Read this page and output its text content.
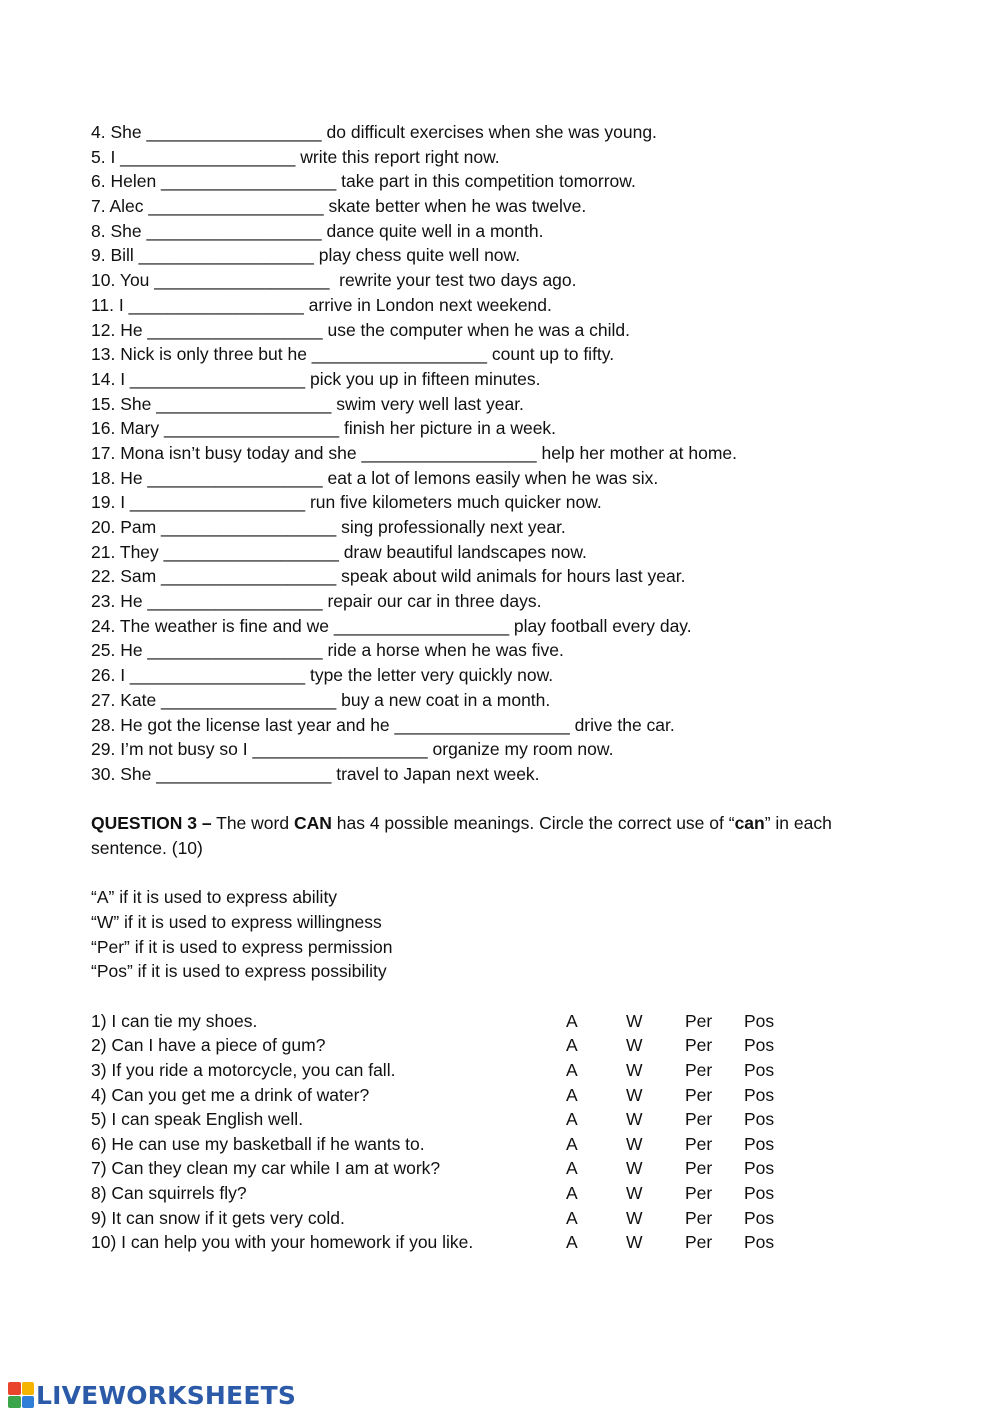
4. She __________________ do difficult exercises when she was young.
5. I __________________ write this report right now.
6. Helen __________________ take part in this competition tomorrow.
7. Alec __________________ skate better when he was twelve.
8. She __________________ dance quite well in a month.
9. Bill __________________ play chess quite well now.
10. You __________________  rewrite your test two days ago.
11. I __________________ arrive in London next weekend.
12. He __________________ use the computer when he was a child.
13. Nick is only three but he __________________ count up to fifty.
14. I __________________ pick you up in fifteen minutes.
15. She __________________ swim very well last year.
16. Mary __________________ finish her picture in a week.
17. Mona isn’t busy today and she __________________ help her mother at home.
18. He __________________ eat a lot of lemons easily when he was six.
19. I __________________ run five kilometers much quicker now.
20. Pam __________________ sing professionally next year.
21. They __________________ draw beautiful landscapes now.
22. Sam __________________ speak about wild animals for hours last year.
23. He __________________ repair our car in three days.
24. The weather is fine and we __________________ play football every day.
25. He __________________ ride a horse when he was five.
26. I __________________ type the letter very quickly now.
27. Kate __________________ buy a new coat in a month.
28. He got the license last year and he __________________ drive the car.
29. I’m not busy so I __________________ organize my room now.
30. She __________________ travel to Japan next week.
QUESTION 3 – The word CAN has 4 possible meanings. Circle the correct use of “can” in each sentence. (10)
“A” if it is used to express ability
“W” if it is used to express willingness
“Per” if it is used to express permission
“Pos” if it is used to express possibility
1) I can tie my shoes.	A	W Per Pos
2) Can I have a piece of gum?	A	W Per Pos
3) If you ride a motorcycle, you can fall.	A	W Per Pos
4) Can you get me a drink of water?	A	W Per Pos
5) I can speak English well.	A	W Per Pos
6) He can use my basketball if he wants to.	A	W Per Pos
7) Can they clean my car while I am at work?	A	W Per Pos
8) Can squirrels fly?	A	W Per Pos
9) It can snow if it gets very cold.	A	W Per Pos
10) I can help you with your homework if you like.	A	W Per Pos
LIVEWORKSHEETS
